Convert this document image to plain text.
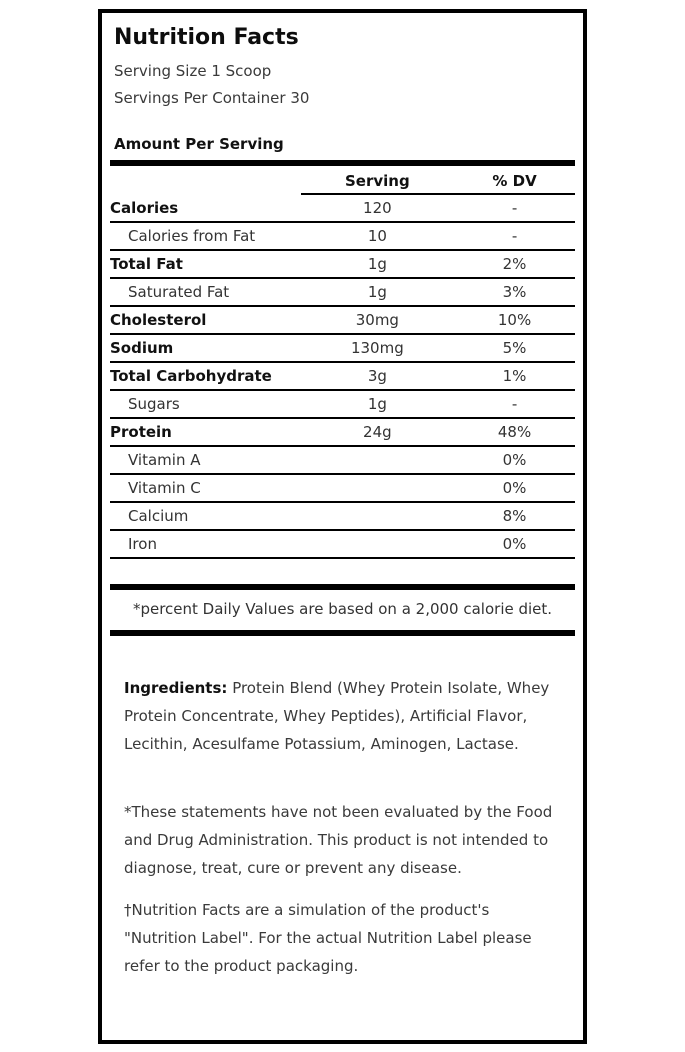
Nutrition Facts
Serving Size 1 Scoop
Servings Per Container 30
Amount Per Serving
	Serving	% DV
Calories	120	-
Calories from Fat	10	-
Total Fat	1g	2%
Saturated Fat	1g	3%
Cholesterol	30mg	10%
Sodium	130mg	5%
Total Carbohydrate	3g	1%
Sugars	1g	-
Protein	24g	48%
Vitamin A		0%
Vitamin C		0%
Calcium		8%
Iron		0%
*percent Daily Values are based on a 2,000 calorie diet.

Ingredients: Protein Blend (Whey Protein Isolate, Whey Protein Concentrate, Whey Peptides), Artificial Flavor, Lecithin, Acesulfame Potassium, Aminogen, Lactase.

*These statements have not been evaluated by the Food and Drug Administration. This product is not intended to diagnose, treat, cure or prevent any disease.

†Nutrition Facts are a simulation of the product's "Nutrition Label". For the actual Nutrition Label please refer to the product packaging.
